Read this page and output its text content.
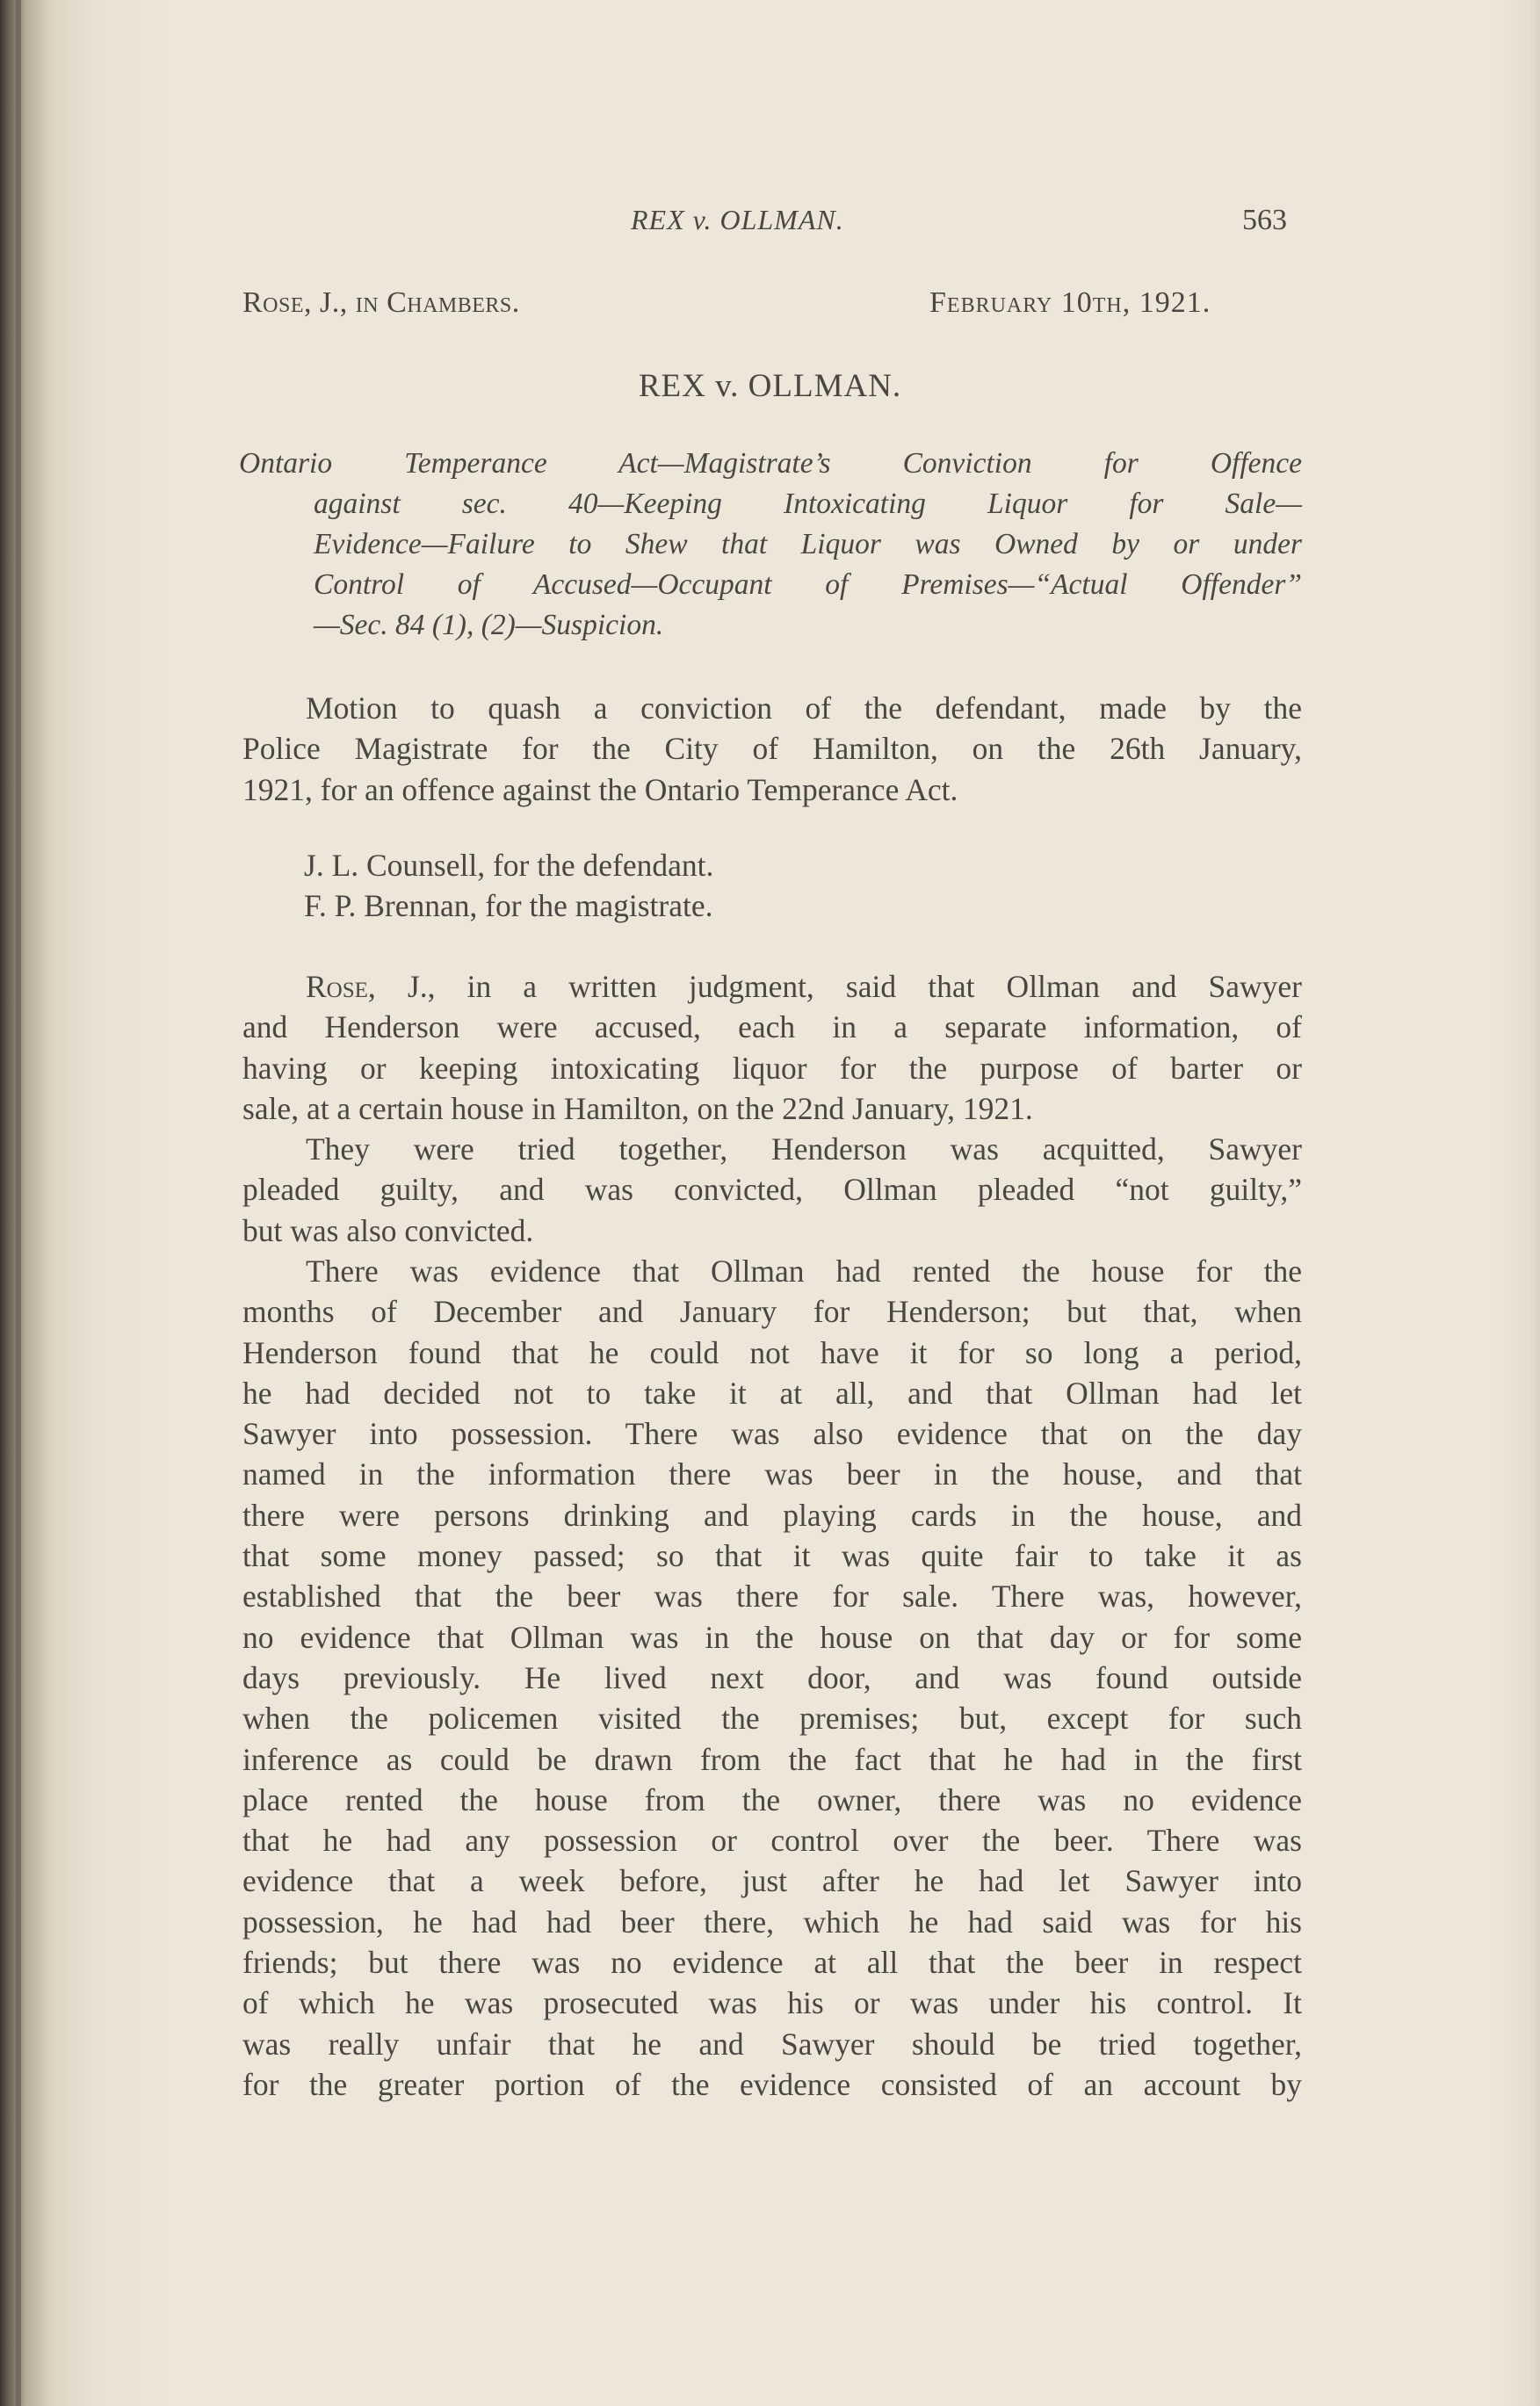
REX v. OLLMAN.	563
Rose, J., in Chambers.	February 10th, 1921.
REX v. OLLMAN.
Ontario Temperance Act—Magistrate’s Conviction for Offence
against sec. 40—Keeping Intoxicating Liquor for Sale—
Evidence—Failure to Shew that Liquor was Owned by or under
Control of Accused—Occupant of Premises—“Actual Offender”
—Sec. 84 (1), (2)—Suspicion.
Motion to quash a conviction of the defendant, made by the
Police Magistrate for the City of Hamilton, on the 26th January,
1921, for an offence against the Ontario Temperance Act.
J. L. Counsell, for the defendant.
F. P. Brennan, for the magistrate.
Rose, J., in a written judgment, said that Ollman and Sawyer
and Henderson were accused, each in a separate information, of
having or keeping intoxicating liquor for the purpose of barter or
sale, at a certain house in Hamilton, on the 22nd January, 1921.
They were tried together, Henderson was acquitted, Sawyer
pleaded guilty, and was convicted, Ollman pleaded “not guilty,”
but was also convicted.
There was evidence that Ollman had rented the house for the
months of December and January for Henderson; but that, when
Henderson found that he could not have it for so long a period,
he had decided not to take it at all, and that Ollman had let
Sawyer into possession. There was also evidence that on the day
named in the information there was beer in the house, and that
there were persons drinking and playing cards in the house, and
that some money passed; so that it was quite fair to take it as
established that the beer was there for sale. There was, however,
no evidence that Ollman was in the house on that day or for some
days previously. He lived next door, and was found outside
when the policemen visited the premises; but, except for such
inference as could be drawn from the fact that he had in the first
place rented the house from the owner, there was no evidence
that he had any possession or control over the beer. There was
evidence that a week before, just after he had let Sawyer into
possession, he had had beer there, which he had said was for his
friends; but there was no evidence at all that the beer in respect
of which he was prosecuted was his or was under his control. It
was really unfair that he and Sawyer should be tried together,
for the greater portion of the evidence consisted of an account by
